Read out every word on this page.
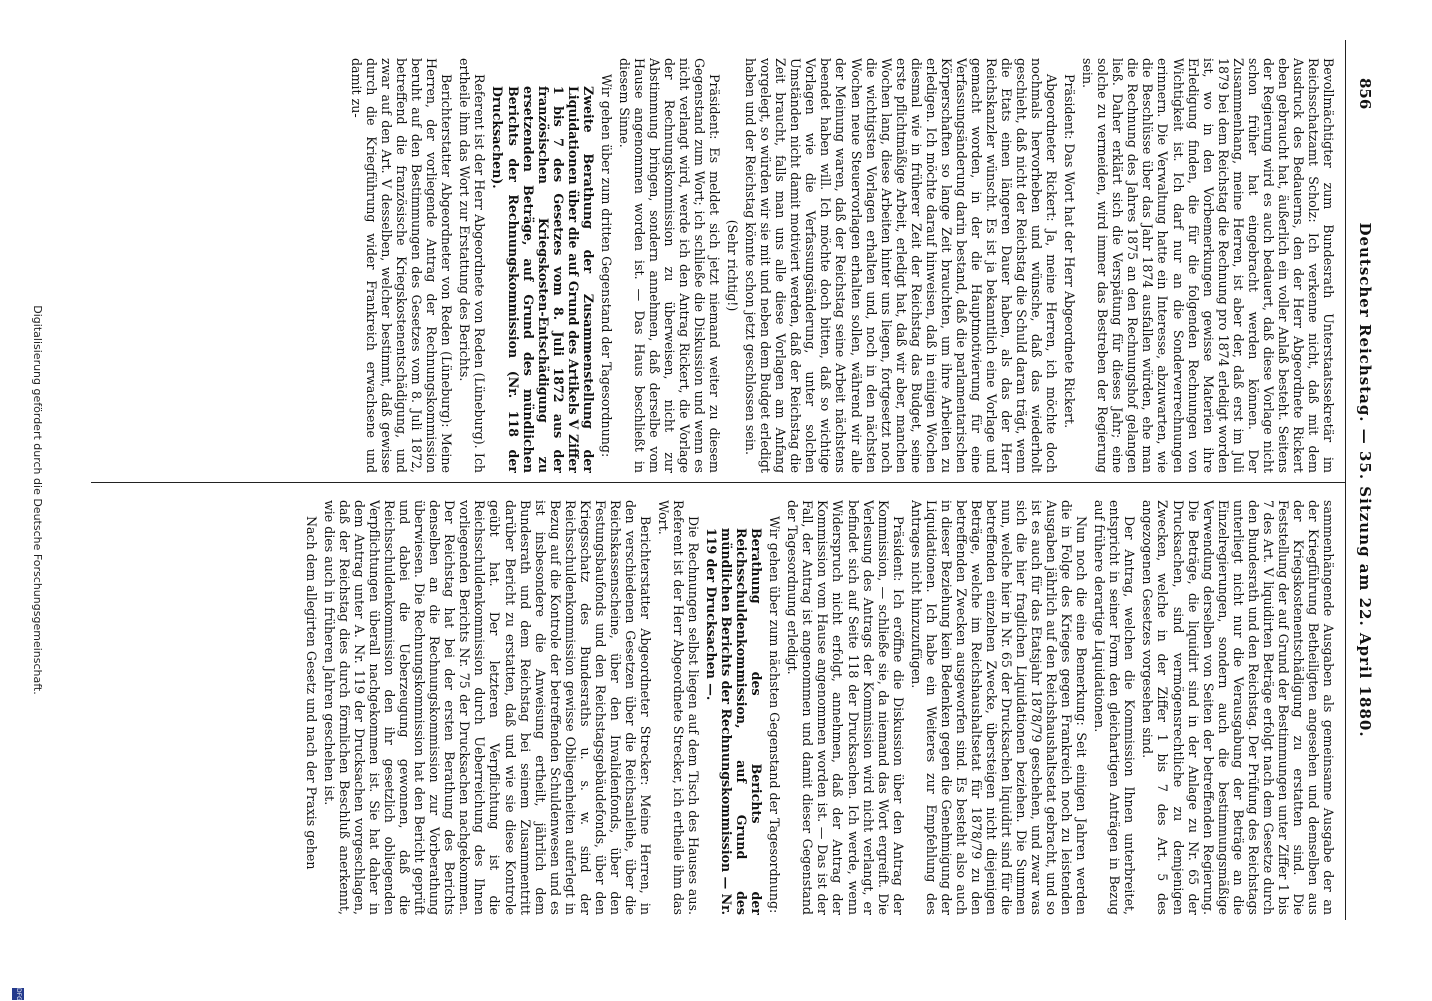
856
Deutscher Reichstag. — 35. Sitzung am 22. April 1880.

Bevollmächtigter zum Bundesrath Unterstaatssekretär im Reichsschatzamt Scholz: Ich verkenne nicht, daß mit dem Ausdruck des Bedauerns, den der Herr Abgeordnete Rickert eben gebraucht hat, äußerlich ein voller Anlaß besteht. Seitens der Regierung wird es auch bedauert, daß diese Vorlage nicht schon früher hat eingebracht werden können. Der Zusammenhang, meine Herren, ist aber der, daß erst im Juli 1879 bei dem Reichstag die Rechnung pro 1874 erledigt worden ist, wo in den Vorbemerkungen gewisse Materien ihre Erledigung finden, die für die folgenden Rechnungen von Wichtigkeit ist. Ich darf nur an die Sonderverrechnungen erinnern. Die Verwaltung hatte ein Interesse, abzuwarten, wie die Beschlüsse über das Jahr 1874 ausfallen würden, ehe man die Rechnung des Jahres 1875 an den Rechnungshof gelangen ließ. Daher erklärt sich die Verspätung für dieses Jahr; eine solche zu vermeiden, wird immer das Bestreben der Regierung sein.

Präsident: Das Wort hat der Herr Abgeordnete Rickert.

Abgeordneter Rickert: Ja, meine Herren, ich möchte doch nochmals hervorheben und wünsche, daß das wiederholt geschieht, daß nicht der Reichstag die Schuld daran trägt, wenn die Etats einen längeren Dauer haben, als das der Herr Reichskanzler wünscht. Es ist ja bekanntlich eine Vorlage und gemacht worden, in der die Hauptmotivierung für eine Verfassungsänderung darin bestand, daß die parlamentarischen Körperschaften so lange Zeit brauchten, um ihre Arbeiten zu erledigen. Ich möchte darauf hinweisen, daß in einigen Wochen diesmal wie in früherer Zeit der Reichstag das Budget, seine erste pflichtmäßige Arbeit, erledigt hat, daß wir aber, manchen Wochen lang, diese Arbeiten hinter uns liegen, fortgesetzt noch die wichtigsten Vorlagen erhalten und, noch in den nächsten Wochen neue Steuervorlagen erhalten sollen, während wir alle der Meinung waren, daß der Reichstag seine Arbeit nächstens beendet haben will. Ich möchte doch bitten, daß so wichtige Vorlagen wie die Verfassungsänderung, unter solchen Umständen nicht damit motiviert werden, daß der Reichstag die Zeit braucht, falls man uns alle diese Vorlagen am Anfang vorgelegt, so würden wir sie mit und neben dem Budget erledigt haben und der Reichstag könnte schon jetzt geschlossen sein.

(Sehr richtig!)

Präsident: Es meldet sich jetzt niemand weiter zu diesem Gegenstand zum Wort; ich schließe die Diskussion und wenn es nicht verlangt wird, werde ich den Antrag Rickert, die Vorlage der Rechnungskommission zu überweisen, nicht zur Abstimmung bringen, sondern annehmen, daß derselbe vom Hause angenommen worden ist. — Das Haus beschließt in diesem Sinne.

Wir gehen über zum dritten Gegenstand der Tagesordnung:

Zweite Berathung der Zusammenstellung der Liquidationen über die auf Grund des Artikels V Ziffer 1 bis 7 des Gesetzes vom 8. Juli 1872 aus der französischen Kriegskosten-Entschädigung zu ersetzenden Beträge, auf Grund des mündlichen Berichts der Rechnungskommission (Nr. 118 der Drucksachen).

Referent ist der Herr Abgeordnete von Reden (Lüneburg). Ich ertheile ihm das Wort zur Erstattung des Berichts.

Berichterstatter Abgeordneter von Reden (Lüneburg): Meine Herren, der vorliegende Antrag der Rechnungskommission beruht auf den Bestimmungen des Gesetzes vom 8. Juli 1872, betreffend die französische Kriegskostenentschädigung, und zwar auf den Art. V desselben, welcher bestimmt, daß gewisse durch die Kriegführung wider Frankreich erwachsene und damit zu-

sammenhängende Ausgaben als gemeinsame Ausgabe der an der Kriegführung Betheiligten angesehen und demselben aus der Kriegskostenentschädigung zu erstatten sind. Die Feststellung der auf Grund der Bestimmungen unter Ziffer 1 bis 7 des Art. V liquidirten Beträge erfolgt nach dem Gesetze durch den Bundesrath und den Reichstag. Der Prüfung des Reichstags unterliegt nicht nur die Verausgabung der Beträge an die Einzelregierungen, sondern auch die bestimmungsmäßige Verwendung derselben von Seiten der betreffenden Regierung. Die Beträge, die liquidirt sind in der Anlage zu Nr. 65 der Drucksachen, sind vermögensrechtliche zu demjenigen Zwecken, welche in der Ziffer 1 bis 7 des Art. 5 des angezogenen Gesetzes vorgesehen sind.

Der Antrag, welchen die Kommission Ihnen unterbreitet, entspricht in seiner Form den gleichartigen Anträgen in Bezug auf frühere derartige Liquidationen.

Nun noch die eine Bemerkung: Seit einigen Jahren werden die in Folge des Krieges gegen Frankreich noch zu leistenden Ausgaben jährlich auf den Reichshaushaltsetat gebracht, und so ist es auch für das Etatsjahr 1878/79 geschehen, und zwar was sich die hier fraglichen Liquidationen beziehen. Die Summen nun, welche hier in Nr. 65 der Drucksachen liquidirt sind für die betreffenden einzelnen Zwecke, übersteigen nicht diejenigen Beträge, welche im Reichshaushaltsetat für 1878/79 zu den betreffenden Zwecken ausgeworfen sind. Es besteht also auch in dieser Beziehung kein Bedenken gegen die Genehmigung der Liquidationen. Ich habe ein Weiteres zur Empfehlung des Antrages nicht hinzuzufügen.

Präsident: Ich eröffne die Diskussion über den Antrag der Kommission, — schließe sie, da niemand das Wort ergreift. Die Verlesung des Antrags der Kommission wird nicht verlangt, er befindet sich auf Seite 118 der Drucksachen. Ich werde, wenn Widerspruch nicht erfolgt, annehmen, daß der Antrag der Kommission vom Hause angenommen worden ist. — Das ist der Fall, der Antrag ist angenommen und damit dieser Gegenstand der Tagesordnung erledigt.

Wir gehen über zum nächsten Gegenstand der Tagesordnung:

Berathung des Berichts der Reichsschuldenkommission, auf Grund des mündlichen Berichts der Rechnungskommission — Nr. 119 der Drucksachen —.

Die Rechnungen selbst liegen auf dem Tisch des Hauses aus. Referent ist der Herr Abgeordnete Strecker, ich ertheile ihm das Wort.

Berichterstatter Abgeordneter Strecker: Meine Herren, in den verschiedenen Gesetzen über die Reichsanleihe, über die Reichskassenscheine, über den Invalidenfonds, über den Festungsbaufonds und den Reichstagsgebäudefonds, über den Kriegsschatz des Bundesraths u. s. w. sind der Reichsschuldenkommission gewisse Obliegenheiten auferlegt in Bezug auf die Kontrole der betreffenden Schuldenwesen und es ist insbesondere die Anweisung ertheilt, jährlich dem Bundesrath und dem Reichstag bei seinem Zusammentritt darüber Bericht zu erstatten, daß und wie sie diese Kontrole geübt hat. Der letzteren Verpflichtung ist die Reichsschuldenkommission durch Ueberreichung des Ihnen vorliegenden Berichts Nr. 75 der Drucksachen nachgekommen. Der Reichstag hat bei der ersten Berathung des Berichts denselben an die Rechnungskommission zur Vorberathung überwiesen. Die Rechnungskommission hat den Bericht geprüft und dabei die Ueberzeugung gewonnen, daß die Reichsschuldenkommission den ihr gesetzlich obliegenden Verpflichtungen überall nachgekommen ist. Sie hat daher in dem Antrag unter A. Nr. 119 der Drucksachen vorgeschlagen, daß der Reichstag dies durch förmlichen Beschluß anerkennt, wie dies auch in früheren Jahren geschehen ist.

Nach dem allegirten Gesetz und nach der Praxis gehen

Digitalisierung gefördert durch die Deutsche Forschungsgemeinschaft.
DFG
